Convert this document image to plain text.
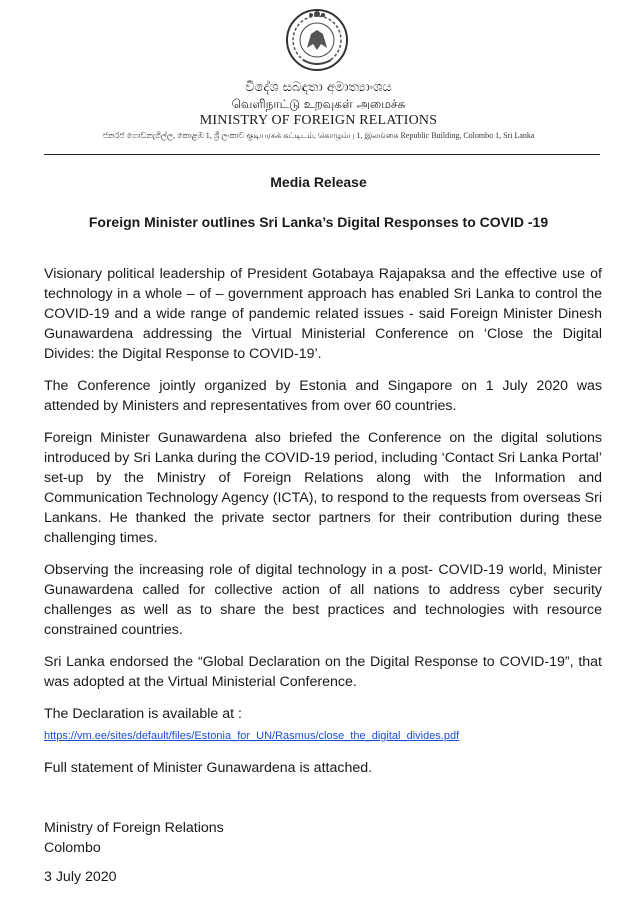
විදේශ සබඳතා අමාත්‍යාංශය
வெளிநாட்டு உறவுகள் அமைச்சு
MINISTRY OF FOREIGN RELATIONS
ජනරජ ගොඩනැගිල්ල, කොළඹ 1, ශ්‍රී ලංකාව குடியரசுக் கட்டிடம், கொழும்பு 1, இலங்கை Republic Building, Colombo 1, Sri Lanka
Media Release
Foreign Minister outlines Sri Lanka’s Digital Responses to COVID -19

Visionary political leadership of President Gotabaya Rajapaksa and the effective use of technology in a whole – of – government approach has enabled Sri Lanka to control the COVID-19 and a wide range of pandemic related issues - said Foreign Minister Dinesh Gunawardena addressing the Virtual Ministerial Conference on ‘Close the Digital Divides: the Digital Response to COVID-19’.

The Conference jointly organized by Estonia and Singapore on 1 July 2020 was attended by Ministers and representatives from over 60 countries.

Foreign Minister Gunawardena also briefed the Conference on the digital solutions introduced by Sri Lanka during the COVID-19 period, including ‘Contact Sri Lanka Portal’ set-up by the Ministry of Foreign Relations along with the Information and Communication Technology Agency (ICTA), to respond to the requests from overseas Sri Lankans. He thanked the private sector partners for their contribution during these challenging times.

Observing the increasing role of digital technology in a post- COVID-19 world, Minister Gunawardena called for collective action of all nations to address cyber security challenges as well as to share the best practices and technologies with resource constrained countries.

Sri Lanka endorsed the “Global Declaration on the Digital Response to COVID-19”, that was adopted at the Virtual Ministerial Conference.

The Declaration is available at :
https://vm.ee/sites/default/files/Estonia_for_UN/Rasmus/close_the_digital_divides.pdf

Full statement of Minister Gunawardena is attached.

Ministry of Foreign Relations
Colombo
3 July 2020
